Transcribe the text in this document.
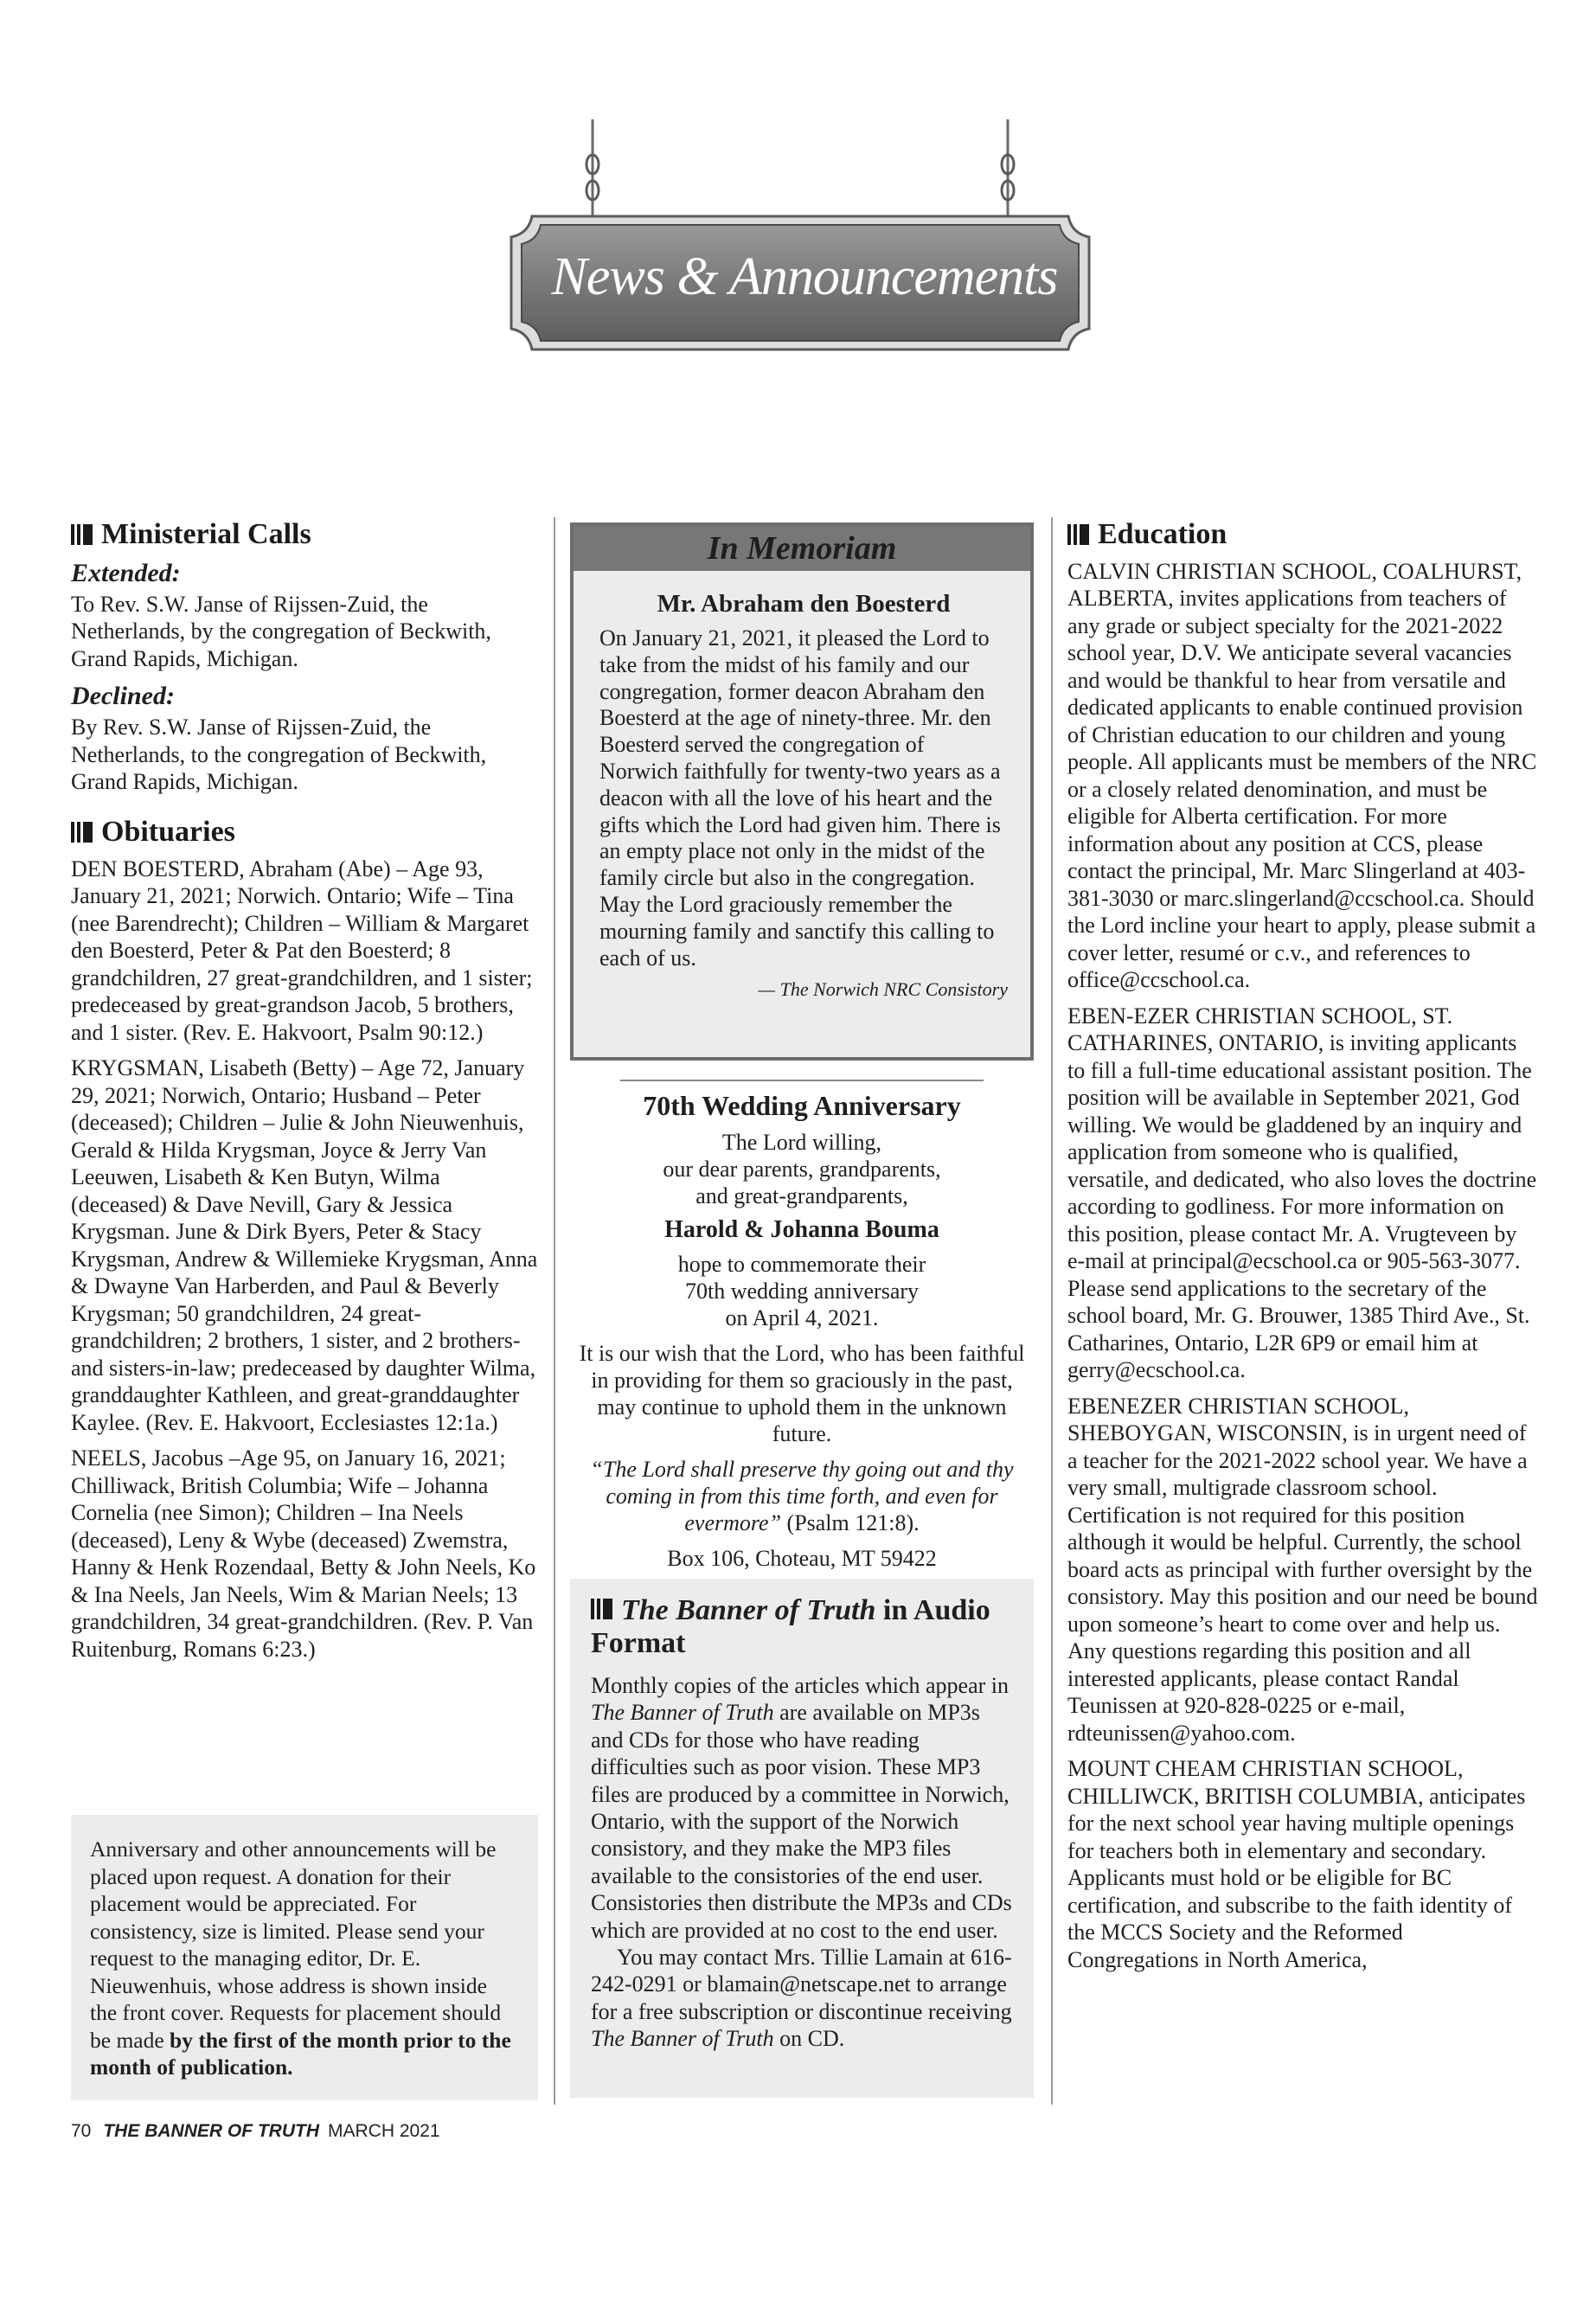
News & Announcements
Ministerial Calls
Extended:

To Rev. S.W. Janse of Rijssen-Zuid, the Netherlands, by the congregation of Beckwith, Grand Rapids, Michigan.

Declined:

By Rev. S.W. Janse of Rijssen-Zuid, the Netherlands, to the congregation of Beckwith, Grand Rapids, Michigan.

Obituaries

DEN BOESTERD, Abraham (Abe) – Age 93, January 21, 2021; Norwich. Ontario; Wife – Tina (nee Barendrecht); Children – William & Margaret den Boesterd, Peter & Pat den Boesterd; 8 grandchildren, 27 great-grandchildren, and 1 sister; predeceased by great-grandson Jacob, 5 brothers, and 1 sister. (Rev. E. Hakvoort, Psalm 90:12.)

KRYGSMAN, Lisabeth (Betty) – Age 72, January 29, 2021; Norwich, Ontario; Husband – Peter (deceased); Children – Julie & John Nieuwenhuis, Gerald & Hilda Krygsman, Joyce & Jerry Van Leeuwen, Lisabeth & Ken Butyn, Wilma (deceased) & Dave Nevill, Gary & Jessica Krygsman. June & Dirk Byers, Peter & Stacy Krygsman, Andrew & Willemieke Krygsman, Anna & Dwayne Van Harberden, and Paul & Beverly Krygsman; 50 grandchildren, 24 great-grandchildren; 2 brothers, 1 sister, and 2 brothers- and sisters-in-law; predeceased by daughter Wilma, granddaughter Kathleen, and great-granddaughter Kaylee. (Rev. E. Hakvoort, Ecclesiastes 12:1a.)

NEELS, Jacobus –Age 95, on January 16, 2021; Chilliwack, British Columbia; Wife – Johanna Cornelia (nee Simon); Children – Ina Neels (deceased), Leny & Wybe (deceased) Zwemstra, Hanny & Henk Rozendaal, Betty & John Neels, Ko & Ina Neels, Jan Neels, Wim & Marian Neels; 13 grandchildren, 34 great-grandchildren. (Rev. P. Van Ruitenburg, Romans 6:23.)

Anniversary and other announcements will be placed upon request. A donation for their placement would be appreciated. For consistency, size is limited. Please send your request to the managing editor, Dr. E. Nieuwenhuis, whose address is shown inside the front cover. Requests for placement should be made by the first of the month prior to the month of publication.
In Memoriam
Mr. Abraham den Boesterd
On January 21, 2021, it pleased the Lord to take from the midst of his family and our congregation, former deacon Abraham den Boesterd at the age of ninety-three. Mr. den Boesterd served the congregation of Norwich faithfully for twenty-two years as a deacon with all the love of his heart and the gifts which the Lord had given him. There is an empty place not only in the midst of the family circle but also in the congregation. May the Lord graciously remember the mourning family and sanctify this calling to each of us.
— The Norwich NRC Consistory
70th Wedding Anniversary
The Lord willing,
our dear parents, grandparents,
and great-grandparents,
Harold & Johanna Bouma
hope to commemorate their
70th wedding anniversary
on April 4, 2021.
It is our wish that the Lord, who has been faithful in providing for them so graciously in the past, may continue to uphold them in the unknown future.
“The Lord shall preserve thy going out and thy coming in from this time forth, and even for evermore” (Psalm 121:8).
Box 106, Choteau, MT 59422
The Banner of Truth in Audio Format
Monthly copies of the articles which appear in The Banner of Truth are available on MP3s and CDs for those who have reading difficulties such as poor vision. These MP3 files are produced by a committee in Norwich, Ontario, with the support of the Norwich consistory, and they make the MP3 files available to the consistories of the end user. Consistories then distribute the MP3s and CDs which are provided at no cost to the end user.
You may contact Mrs. Tillie Lamain at 616-242-0291 or blamain@netscape.net to arrange for a free subscription or discontinue receiving The Banner of Truth on CD.
Education

CALVIN CHRISTIAN SCHOOL, COALHURST, ALBERTA, invites applications from teachers of any grade or subject specialty for the 2021-2022 school year, D.V. We anticipate several vacancies and would be thankful to hear from versatile and dedicated applicants to enable continued provision of Christian education to our children and young people. All applicants must be members of the NRC or a closely related denomination, and must be eligible for Alberta certification. For more information about any position at CCS, please contact the principal, Mr. Marc Slingerland at 403-381-3030 or marc.slingerland@ccschool.ca. Should the Lord incline your heart to apply, please submit a cover letter, resumé or c.v., and references to office@ccschool.ca.

EBEN-EZER CHRISTIAN SCHOOL, ST. CATHARINES, ONTARIO, is inviting applicants to fill a full-time educational assistant position. The position will be available in September 2021, God willing. We would be gladdened by an inquiry and application from someone who is qualified, versatile, and dedicated, who also loves the doctrine according to godliness. For more information on this position, please contact Mr. A. Vrugteveen by e-mail at principal@ecschool.ca or 905-563-3077. Please send applications to the secretary of the school board, Mr. G. Brouwer, 1385 Third Ave., St. Catharines, Ontario, L2R 6P9 or email him at gerry@ecschool.ca.

EBENEZER CHRISTIAN SCHOOL, SHEBOYGAN, WISCONSIN, is in urgent need of a teacher for the 2021-2022 school year. We have a very small, multigrade classroom school. Certification is not required for this position although it would be helpful. Currently, the school board acts as principal with further oversight by the consistory. May this position and our need be bound upon someone’s heart to come over and help us. Any questions regarding this position and all interested applicants, please contact Randal Teunissen at 920-828-0225 or e-mail, rdteunissen@yahoo.com.

MOUNT CHEAM CHRISTIAN SCHOOL, CHILLIWCK, BRITISH COLUMBIA, anticipates for the next school year having multiple openings for teachers both in elementary and secondary. Applicants must hold or be eligible for BC certification, and subscribe to the faith identity of the MCCS Society and the Reformed Congregations in North America,

70 THE BANNER OF TRUTH MARCH 2021
